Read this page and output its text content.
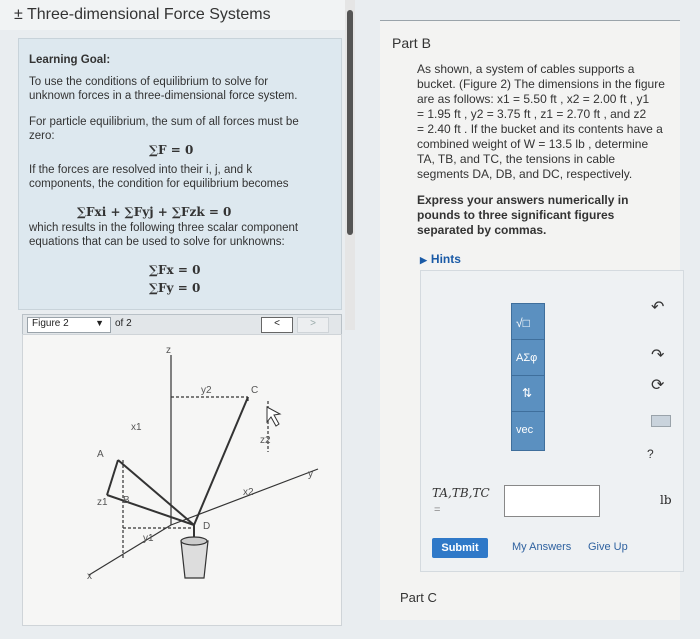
± Three-dimensional Force Systems
Learning Goal:
To use the conditions of equilibrium to solve for
unknown forces in a three-dimensional force system.
For particle equilibrium, the sum of all forces must be
zero:
∑F = 0
If the forces are resolved into their i, j, and k
components, the condition for equilibrium becomes
∑Fxi + ∑Fyj + ∑Fzk = 0
which results in the following three scalar component
equations that can be used to solve for unknowns:
∑Fx = 0
∑Fy = 0
Figure 2	▼ of 2	<	>
z
y2	C
x1
z2
A
y
x2
z1 B
D
y1
x
Part B
As shown, a system of cables supports a
bucket. (Figure 2) The dimensions in the figure
are as follows: x1 = 5.50 ft , x2 = 2.00 ft , y1
= 1.95 ft , y2 = 3.75 ft , z1 = 2.70 ft , and z2
= 2.40 ft . If the bucket and its contents have a
combined weight of W = 13.5 lb , determine
TA, TB, and TC, the tensions in cable
segments DA, DB, and DC, respectively.
Express your answers numerically in
pounds to three significant figures
separated by commas.
▶ Hints
√□
ΑΣφ
⇅
vec
↶
↷
⟳
?
TA,TB,TC
=
lb
Submit	My Answers Give Up
Part C
